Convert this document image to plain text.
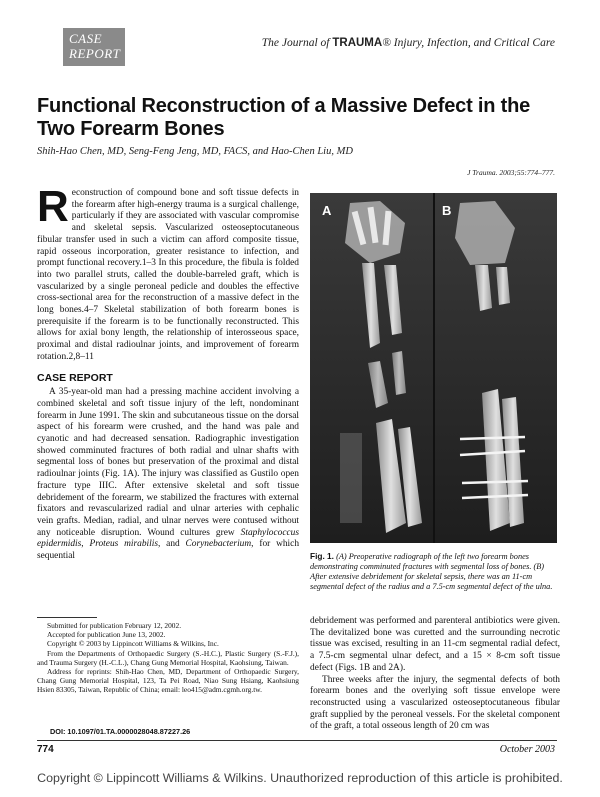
CASE
REPORT
The Journal of TRAUMA® Injury, Infection, and Critical Care
Functional Reconstruction of a Massive Defect in the Two Forearm Bones
Shih-Hao Chen, MD, Seng-Feng Jeng, MD, FACS, and Hao-Chen Liu, MD
J Trauma. 2003;55:774–777.

Reconstruction of compound bone and soft tissue defects in the forearm after high-energy trauma is a surgical challenge, particularly if they are associated with vascular compromise and skeletal sepsis. Vascularized osteoseptocutaneous fibular transfer used in such a victim can afford composite tissue, rapid osseous incorporation, greater resistance to infection, and prompt functional recovery.1–3 In this procedure, the fibula is folded into two parallel struts, called the double-barreled graft, which is vascularized by a single peroneal pedicle and doubles the effective cross-sectional area for the reconstruction of a massive defect in the long bones.4–7 Skeletal stabilization of both forearm bones is prerequisite if the forearm is to be functionally reconstructed. This allows for axial bony length, the relationship of interosseous space, proximal and distal radioulnar joints, and improvement of forearm rotation.2,8–11

CASE REPORT

A 35-year-old man had a pressing machine accident involving a combined skeletal and soft tissue injury of the left, nondominant forearm in June 1991. The skin and subcutaneous tissue on the dorsal aspect of his forearm were crushed, and the hand was pale and cyanotic and had decreased sensation. Radiographic investigation showed comminuted fractures of both radial and ulnar shafts with segmental loss of bones but preservation of the proximal and distal radioulnar joints (Fig. 1A). The injury was classified as Gustilo open fracture type IIIC. After extensive skeletal and soft tissue debridement of the forearm, we stabilized the fractures with external fixators and revascularized radial and ulnar arteries with cephalic vein grafts. Median, radial, and ulnar nerves were contused without any noticeable disruption. Wound cultures grew Staphylococcus epidermidis, Proteus mirabilis, and Corynebacterium, for which sequential

A	B
Fig. 1. (A) Preoperative radiograph of the left two forearm bones demonstrating comminuted fractures with segmental loss of bones. (B) After extensive debridement for skeletal sepsis, there was an 11-cm segmental defect of the radius and a 7.5-cm segmental defect of the ulna.

debridement was performed and parenteral antibiotics were given. The devitalized bone was curetted and the surrounding necrotic tissue was excised, resulting in an 11-cm segmental radial defect, a 7.5-cm segmental ulnar defect, and a 15 × 8-cm soft tissue defect (Figs. 1B and 2A).

Three weeks after the injury, the segmental defects of both forearm bones and the overlying soft tissue envelope were reconstructed using a vascularized osteoseptocutaneous fibular graft supplied by the peroneal vessels. For the skeletal component of the graft, a total osseous length of 20 cm was

Submitted for publication February 12, 2002.

Accepted for publication June 13, 2002.

Copyright © 2003 by Lippincott Williams & Wilkins, Inc.

From the Departments of Orthopaedic Surgery (S.-H.C.), Plastic Surgery (S.-F.J.), and Trauma Surgery (H.-C.L.), Chang Gung Memorial Hospital, Kaohsiung, Taiwan.

Address for reprints: Shih-Hao Chen, MD, Department of Orthopaedic Surgery, Chang Gung Memorial Hospital, 123, Ta Pei Road, Niao Sung Hsiang, Kaohsiung Hsien 83305, Taiwan, Republic of China; email: leo415@adm.cgmh.org.tw.

DOI: 10.1097/01.TA.0000028048.87227.26
774	October 2003
Copyright © Lippincott Williams & Wilkins. Unauthorized reproduction of this article is prohibited.
